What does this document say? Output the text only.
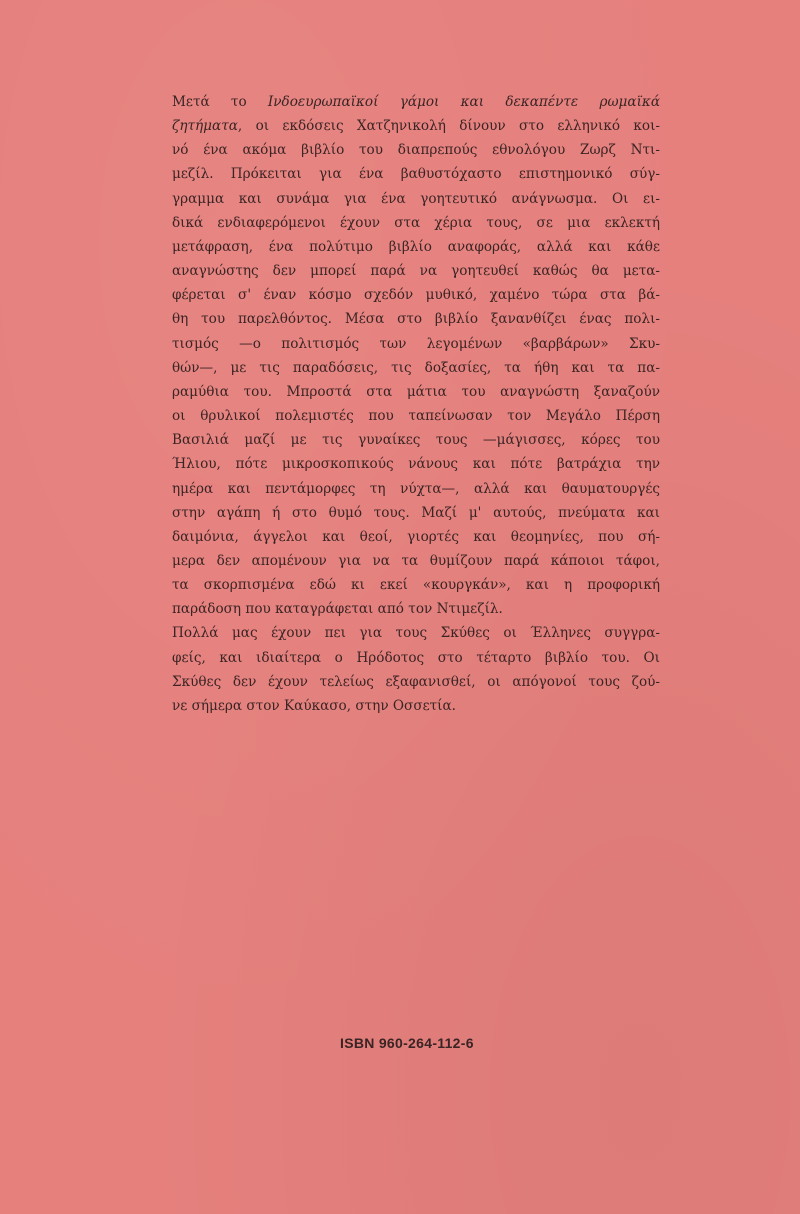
Μετά το Ινδοευρωπαϊκοί γάμοι και δεκαπέντε ρωμαϊκά
ζητήματα, οι εκδόσεις Χατζηνικολή δίνουν στο ελληνικό κοι-
νό ένα ακόμα βιβλίο του διαπρεπούς εθνολόγου Ζωρζ Ντι-
μεζίλ. Πρόκειται για ένα βαθυστόχαστο επιστημονικό σύγ-
γραμμα και συνάμα για ένα γοητευτικό ανάγνωσμα. Οι ει-
δικά ενδιαφερόμενοι έχουν στα χέρια τους, σε μια εκλεκτή
μετάφραση, ένα πολύτιμο βιβλίο αναφοράς, αλλά και κάθε
αναγνώστης δεν μπορεί παρά να γοητευθεί καθώς θα μετα-
φέρεται σ' έναν κόσμο σχεδόν μυθικό, χαμένο τώρα στα βά-
θη του παρελθόντος. Μέσα στο βιβλίο ξανανθίζει ένας πολι-
τισμός —ο πολιτισμός των λεγομένων «βαρβάρων» Σκυ-
θών—, με τις παραδόσεις, τις δοξασίες, τα ήθη και τα πα-
ραμύθια του. Μπροστά στα μάτια του αναγνώστη ξαναζούν
οι θρυλικοί πολεμιστές που ταπείνωσαν τον Μεγάλο Πέρση
Βασιλιά μαζί με τις γυναίκες τους —μάγισσες, κόρες του
Ήλιου, πότε μικροσκοπικούς νάνους και πότε βατράχια την
ημέρα και πεντάμορφες τη νύχτα—, αλλά και θαυματουργές
στην αγάπη ή στο θυμό τους. Μαζί μ' αυτούς, πνεύματα και
δαιμόνια, άγγελοι και θεοί, γιορτές και θεομηνίες, που σή-
μερα δεν απομένουν για να τα θυμίζουν παρά κάποιοι τάφοι,
τα σκορπισμένα εδώ κι εκεί «κουργκάν», και η προφορική
παράδοση που καταγράφεται από τον Ντιμεζίλ.

Πολλά μας έχουν πει για τους Σκύθες οι Έλληνες συγγρα-
φείς, και ιδιαίτερα ο Ηρόδοτος στο τέταρτο βιβλίο του. Οι
Σκύθες δεν έχουν τελείως εξαφανισθεί, οι απόγονοί τους ζού-
νε σήμερα στον Καύκασο, στην Οσσετία.

ISBN 960-264-112-6
